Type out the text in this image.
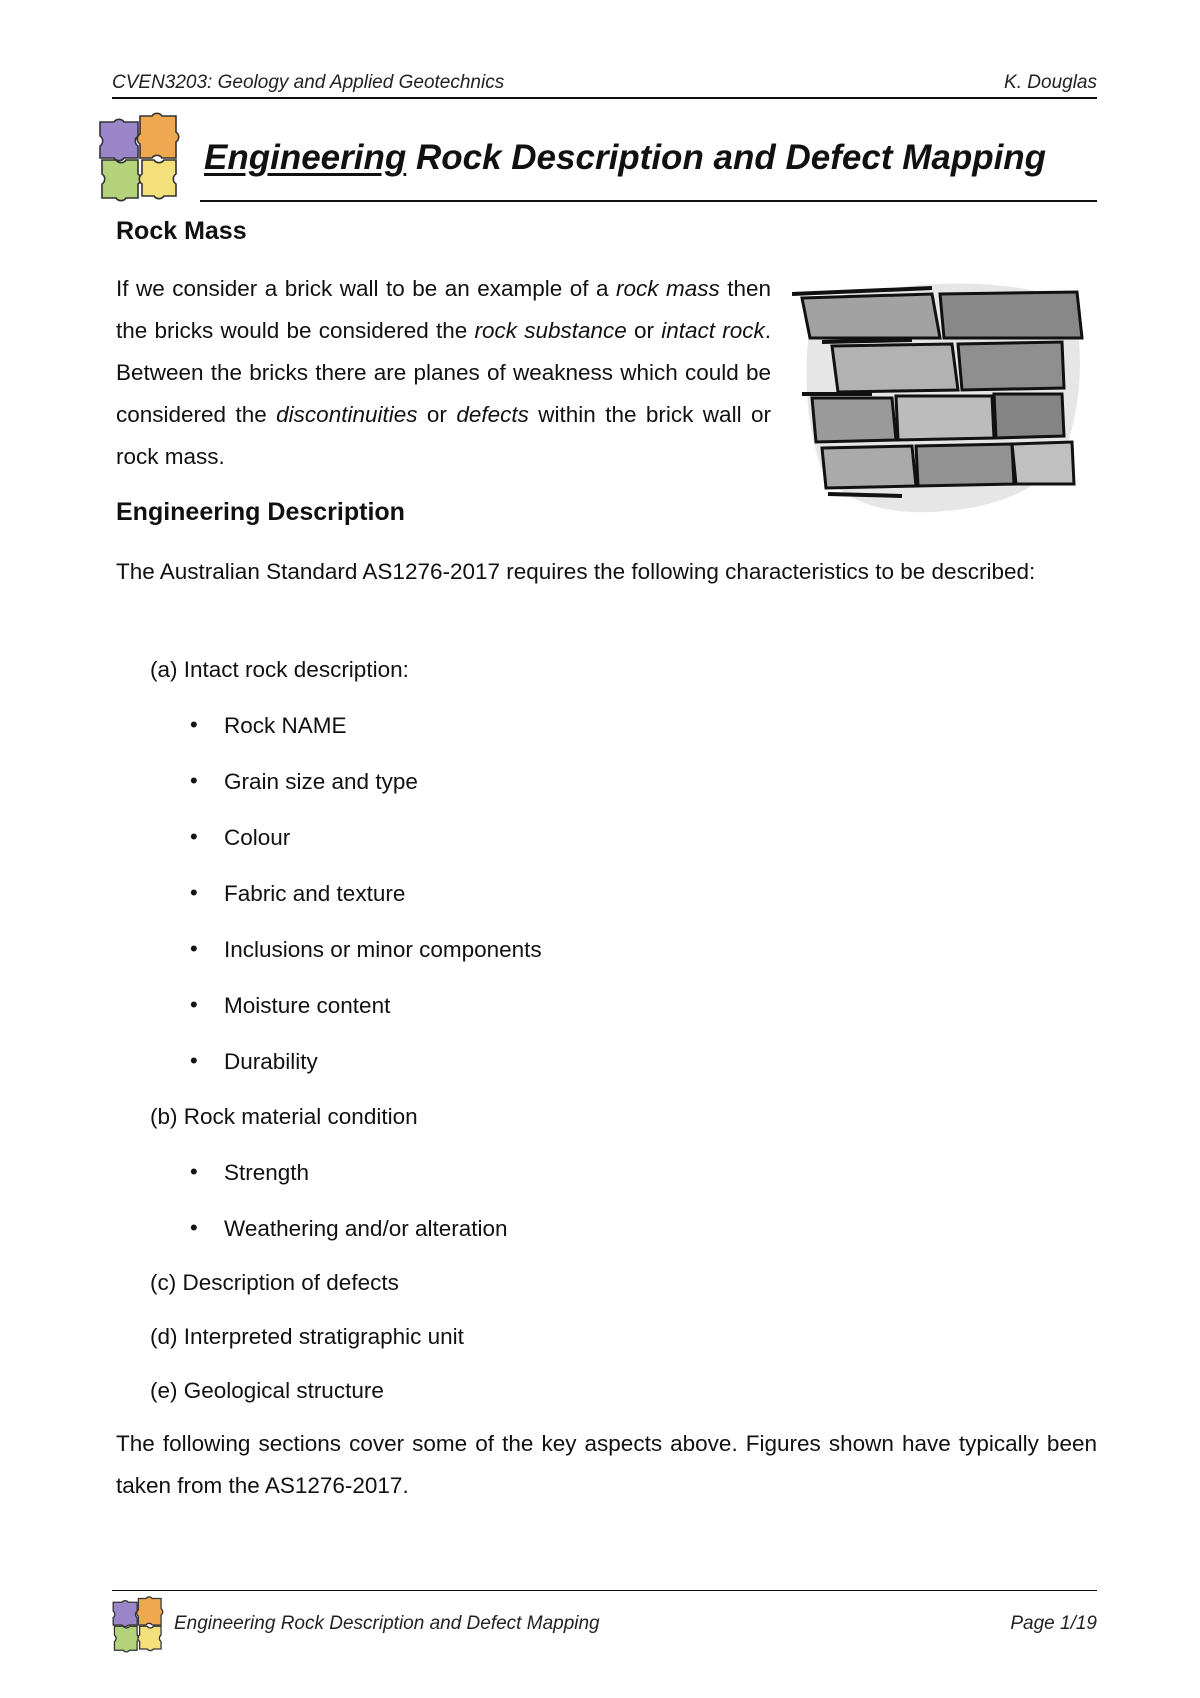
CVEN3203: Geology and Applied Geotechnics	K. Douglas
Engineering Rock Description and Defect Mapping
Rock Mass

If we consider a brick wall to be an example of a rock mass then the bricks would be considered the rock substance or intact rock. Between the bricks there are planes of weakness which could be considered the discontinuities or defects within the brick wall or rock mass.

Engineering Description

The Australian Standard AS1276-2017 requires the following characteristics to be described:

(a) Intact rock description:
• Rock NAME
• Grain size and type
• Colour
• Fabric and texture
• Inclusions or minor components
• Moisture content
• Durability
(b) Rock material condition
• Strength
• Weathering and/or alteration
(c) Description of defects
(d) Interpreted stratigraphic unit
(e) Geological structure

The following sections cover some of the key aspects above. Figures shown have typically been taken from the AS1276-2017.

Engineering Rock Description and Defect Mapping	Page 1/19
